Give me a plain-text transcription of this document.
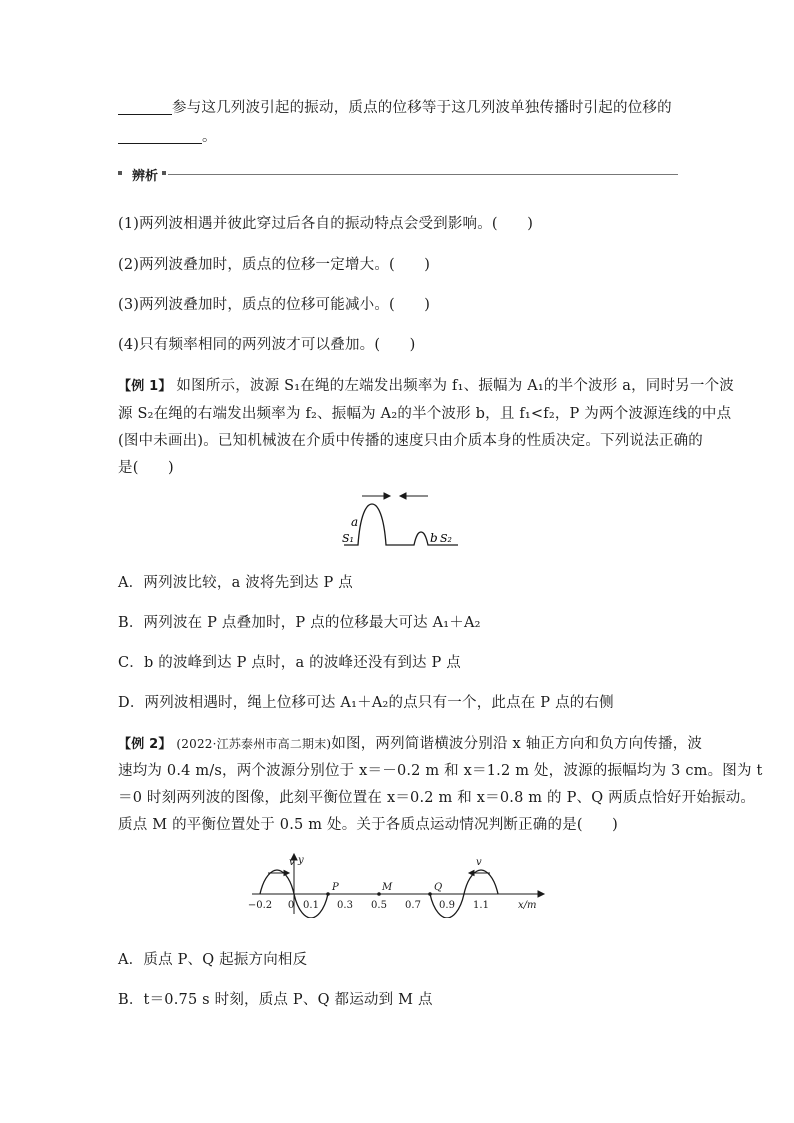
参与这几列波引起的振动，质点的位移等于这几列波单独传播时引起的位移的
。
辨析
(1)两列波相遇并彼此穿过后各自的振动特点会受到影响。(　　)
(2)两列波叠加时，质点的位移一定增大。(　　)
(3)两列波叠加时，质点的位移可能减小。(　　)
(4)只有频率相同的两列波才可以叠加。(　　)
【例 1】 如图所示，波源 S₁在绳的左端发出频率为 f₁、振幅为 A₁的半个波形 a，同时另一个波
源 S₂在绳的右端发出频率为 f₂、振幅为 A₂的半个波形 b，且 f₁<f₂，P 为两个波源连线的中点
(图中未画出)。已知机械波在介质中传播的速度只由介质本身的性质决定。下列说法正确的
是(　　)
a
b
S₁	S₂
A．两列波比较，a 波将先到达 P 点
B．两列波在 P 点叠加时，P 点的位移最大可达 A₁＋A₂
C．b 的波峰到达 P 点时，a 的波峰还没有到达 P 点
D．两列波相遇时，绳上位移可达 A₁＋A₂的点只有一个，此点在 P 点的右侧
【例 2】 (2022·江苏泰州市高二期末)如图，两列简谐横波分别沿 x 轴正方向和负方向传播，波
速均为 0.4 m/s，两个波源分别位于 x＝－0.2 m 和 x＝1.2 m 处，波源的振幅均为 3 cm。图为 t
＝0 时刻两列波的图像，此刻平衡位置在 x＝0.2 m 和 x＝0.8 m 的 P、Q 两质点恰好开始振动。
质点 M 的平衡位置处于 0.5 m 处。关于各质点运动情况判断正确的是(　　)
v	v
y
P	M	Q
x/m
−0.2 0 0.1 0.3 0.5 0.7 0.9 1.1
A．质点 P、Q 起振方向相反
B．t＝0.75 s 时刻，质点 P、Q 都运动到 M 点
